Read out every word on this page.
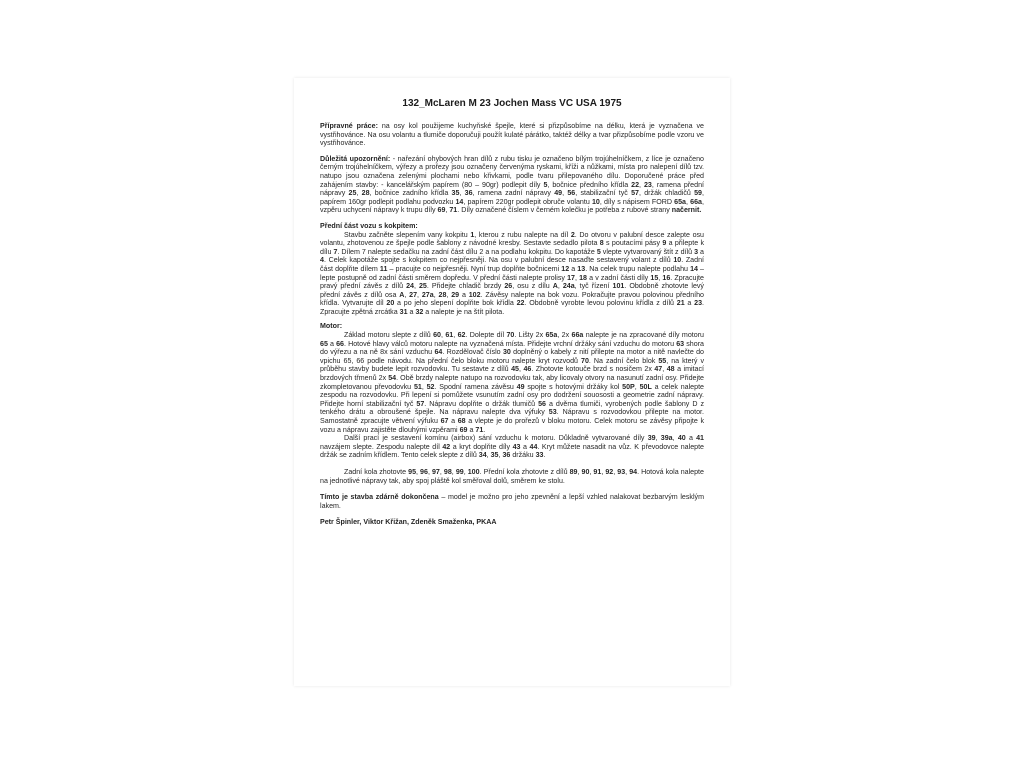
132_McLaren M 23 Jochen Mass VC USA 1975

Přípravné práce: na osy kol použijeme kuchyňské špejle, které si přizpůsobíme na délku, která je vyznačena ve vystřihovánce. Na osu volantu a tlumiče doporučuji použít kulaté párátko, taktéž délky a tvar přizpůsobíme podle vzoru ve vystřihovánce.

Důležitá upozornění: - nařezání ohybových hran dílů z rubu tisku je označeno bílým trojúhelníčkem, z líce je označeno černým trojúhelníčkem, výřezy a prořezy jsou označeny červenýma ryskami, kříži a nůžkami, místa pro nalepení dílů tzv. natupo jsou označena zelenými plochami nebo křivkami, podle tvaru přilepovaného dílu. Doporučené práce před zahájením stavby: - kancelářským papírem (80 – 90gr) podlepit díly 5, bočnice předního křídla 22, 23, ramena přední nápravy 25, 28, bočnice zadního křídla 35, 36, ramena zadní nápravy 49, 56, stabilizační tyč 57, držák chladičů 59, papírem 160gr podlepit podlahu podvozku 14, papírem 220gr podlepit obruče volantu 10, díly s nápisem FORD 65a, 66a, vzpěru uchycení nápravy k trupu díly 69, 71. Díly označené číslem v černém kolečku je potřeba z rubové strany načernit.

Přední část vozu s kokpitem:

Stavbu začněte slepením vany kokpitu 1, kterou z rubu nalepte na díl 2. Do otvoru v palubní desce zalepte osu volantu, zhotovenou ze špejle podle šablony z návodné kresby. Sestavte sedadlo pilota 8 s poutacími pásy 9 a přilepte k dílu 7. Dílem 7 nalepte sedačku na zadní část dílu 2 a na podlahu kokpitu. Do kapotáže 5 vlepte vytvarovaný štít z dílů 3 a 4. Celek kapotáže spojte s kokpitem co nejpřesněji. Na osu v palubní desce nasaďte sestavený volant z dílů 10. Zadní část doplňte dílem 11 – pracujte co nejpřesněji. Nyní trup doplňte bočnicemi 12 a 13. Na celek trupu nalepte podlahu 14 – lepte postupně od zadní části směrem dopředu. V přední části nalepte prolisy 17, 18 a v zadní části díly 15, 16. Zpracujte pravý přední závěs z dílů 24, 25. Přidejte chladič brzdy 26, osu z dílu A, 24a, tyč řízení 101. Obdobně zhotovte levý přední závěs z dílů osa A, 27, 27a, 28, 29 a 102. Závěsy nalepte na bok vozu. Pokračujte pravou polovinou předního křídla. Vytvarujte díl 20 a po jeho slepení doplňte bok křídla 22. Obdobně vyrobte levou polovinu křídla z dílů 21 a 23. Zpracujte zpětná zrcátka 31 a 32 a nalepte je na štít pilota.

Motor:

Základ motoru slepte z dílů 60, 61, 62. Dolepte díl 70. Lišty 2x 65a, 2x 66a nalepte je na zpracované díly motoru 65 a 66. Hotové hlavy válců motoru nalepte na vyznačená místa. Přidejte vrchní držáky sání vzduchu do motoru 63 shora do výřezu a na ně 8x sání vzduchu 64. Rozdělovač číslo 30 doplněný o kabely z nití přilepte na motor a nitě navlečte do vpichu 65, 66 podle návodu. Na přední čelo bloku motoru nalepte kryt rozvodů 70. Na zadní čelo blok 55, na který v průběhu stavby budete lepit rozvodovku. Tu sestavte z dílů 45, 46. Zhotovte kotouče brzd s nosičem 2x 47, 48 a imitací brzdových třmenů 2x 54. Obě brzdy nalepte natupo na rozvodovku tak, aby licovaly otvory na nasunutí zadní osy. Přidejte zkompletovanou převodovku 51, 52. Spodní ramena závěsu 49 spojte s hotovými držáky kol 50P, 50L a celek nalepte zespodu na rozvodovku. Při lepení si pomůžete vsunutím zadní osy pro dodržení souososti a geometrie zadní nápravy. Přidejte horní stabilizační tyč 57. Nápravu doplňte o držák tlumičů 56 a dvěma tlumiči, vyrobených podle šablony D z tenkého drátu a obroušené špejle. Na nápravu nalepte dva výfuky 53. Nápravu s rozvodovkou přilepte na motor. Samostatně zpracujte větvení výfuku 67 a 68 a vlepte je do prořezů v bloku motoru. Celek motoru se závěsy připojte k vozu a nápravu zajistěte dlouhými vzpěrami 69 a 71.

Další prací je sestavení komínu (airbox) sání vzduchu k motoru. Důkladně vytvarované díly 39, 39a, 40 a 41 navzájem slepte. Zespodu nalepte díl 42 a kryt doplňte díly 43 a 44. Kryt můžete nasadit na vůz. K převodovce nalepte držák se zadním křídlem. Tento celek slepte z dílů 34, 35, 36 držáku 33.

Zadní kola zhotovte 95, 96, 97, 98, 99, 100. Přední kola zhotovte z dílů 89, 90, 91, 92, 93, 94. Hotová kola nalepte na jednotlivé nápravy tak, aby spoj pláště kol směřoval dolů, směrem ke stolu.

Tímto je stavba zdárně dokončena – model je možno pro jeho zpevnění a lepší vzhled nalakovat bezbarvým lesklým lakem.

Petr Špinler, Viktor Křižan, Zdeněk Smaženka, PKAA
